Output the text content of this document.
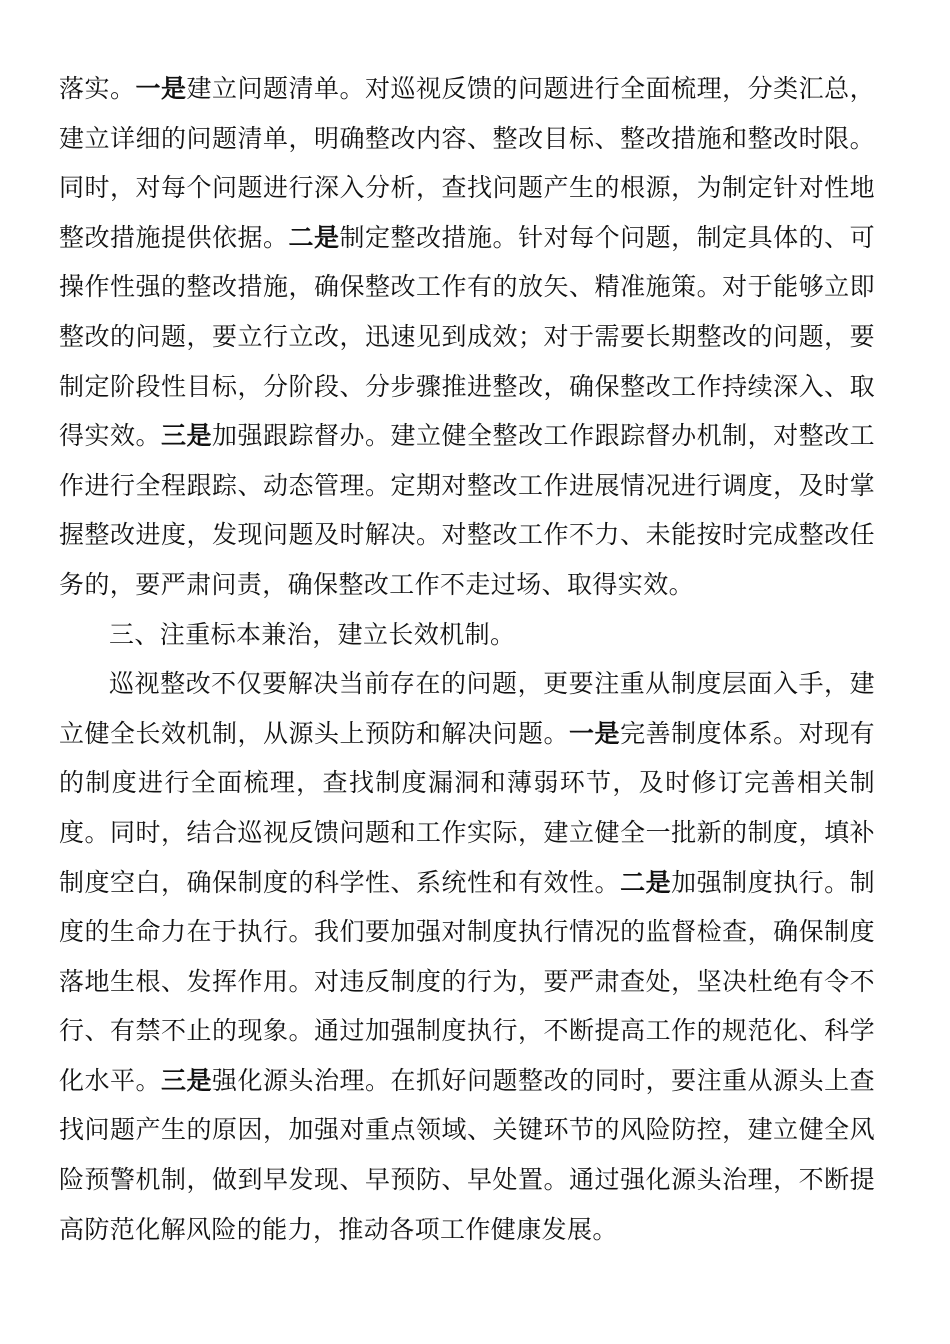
落实。一是建立问题清单。对巡视反馈的问题进行全面梳理，分类汇总，建立详细的问题清单，明确整改内容、整改目标、整改措施和整改时限。同时，对每个问题进行深入分析，查找问题产生的根源，为制定针对性地整改措施提供依据。二是制定整改措施。针对每个问题，制定具体的、可操作性强的整改措施，确保整改工作有的放矢、精准施策。对于能够立即整改的问题，要立行立改，迅速见到成效；对于需要长期整改的问题，要制定阶段性目标，分阶段、分步骤推进整改，确保整改工作持续深入、取得实效。三是加强跟踪督办。建立健全整改工作跟踪督办机制，对整改工作进行全程跟踪、动态管理。定期对整改工作进展情况进行调度，及时掌握整改进度，发现问题及时解决。对整改工作不力、未能按时完成整改任务的，要严肃问责，确保整改工作不走过场、取得实效。

三、注重标本兼治，建立长效机制。

巡视整改不仅要解决当前存在的问题，更要注重从制度层面入手，建立健全长效机制，从源头上预防和解决问题。一是完善制度体系。对现有的制度进行全面梳理，查找制度漏洞和薄弱环节，及时修订完善相关制度。同时，结合巡视反馈问题和工作实际，建立健全一批新的制度，填补制度空白，确保制度的科学性、系统性和有效性。二是加强制度执行。制度的生命力在于执行。我们要加强对制度执行情况的监督检查，确保制度落地生根、发挥作用。对违反制度的行为，要严肃查处，坚决杜绝有令不行、有禁不止的现象。通过加强制度执行，不断提高工作的规范化、科学化水平。三是强化源头治理。在抓好问题整改的同时，要注重从源头上查找问题产生的原因，加强对重点领域、关键环节的风险防控，建立健全风险预警机制，做到早发现、早预防、早处置。通过强化源头治理，不断提高防范化解风险的能力，推动各项工作健康发展。
